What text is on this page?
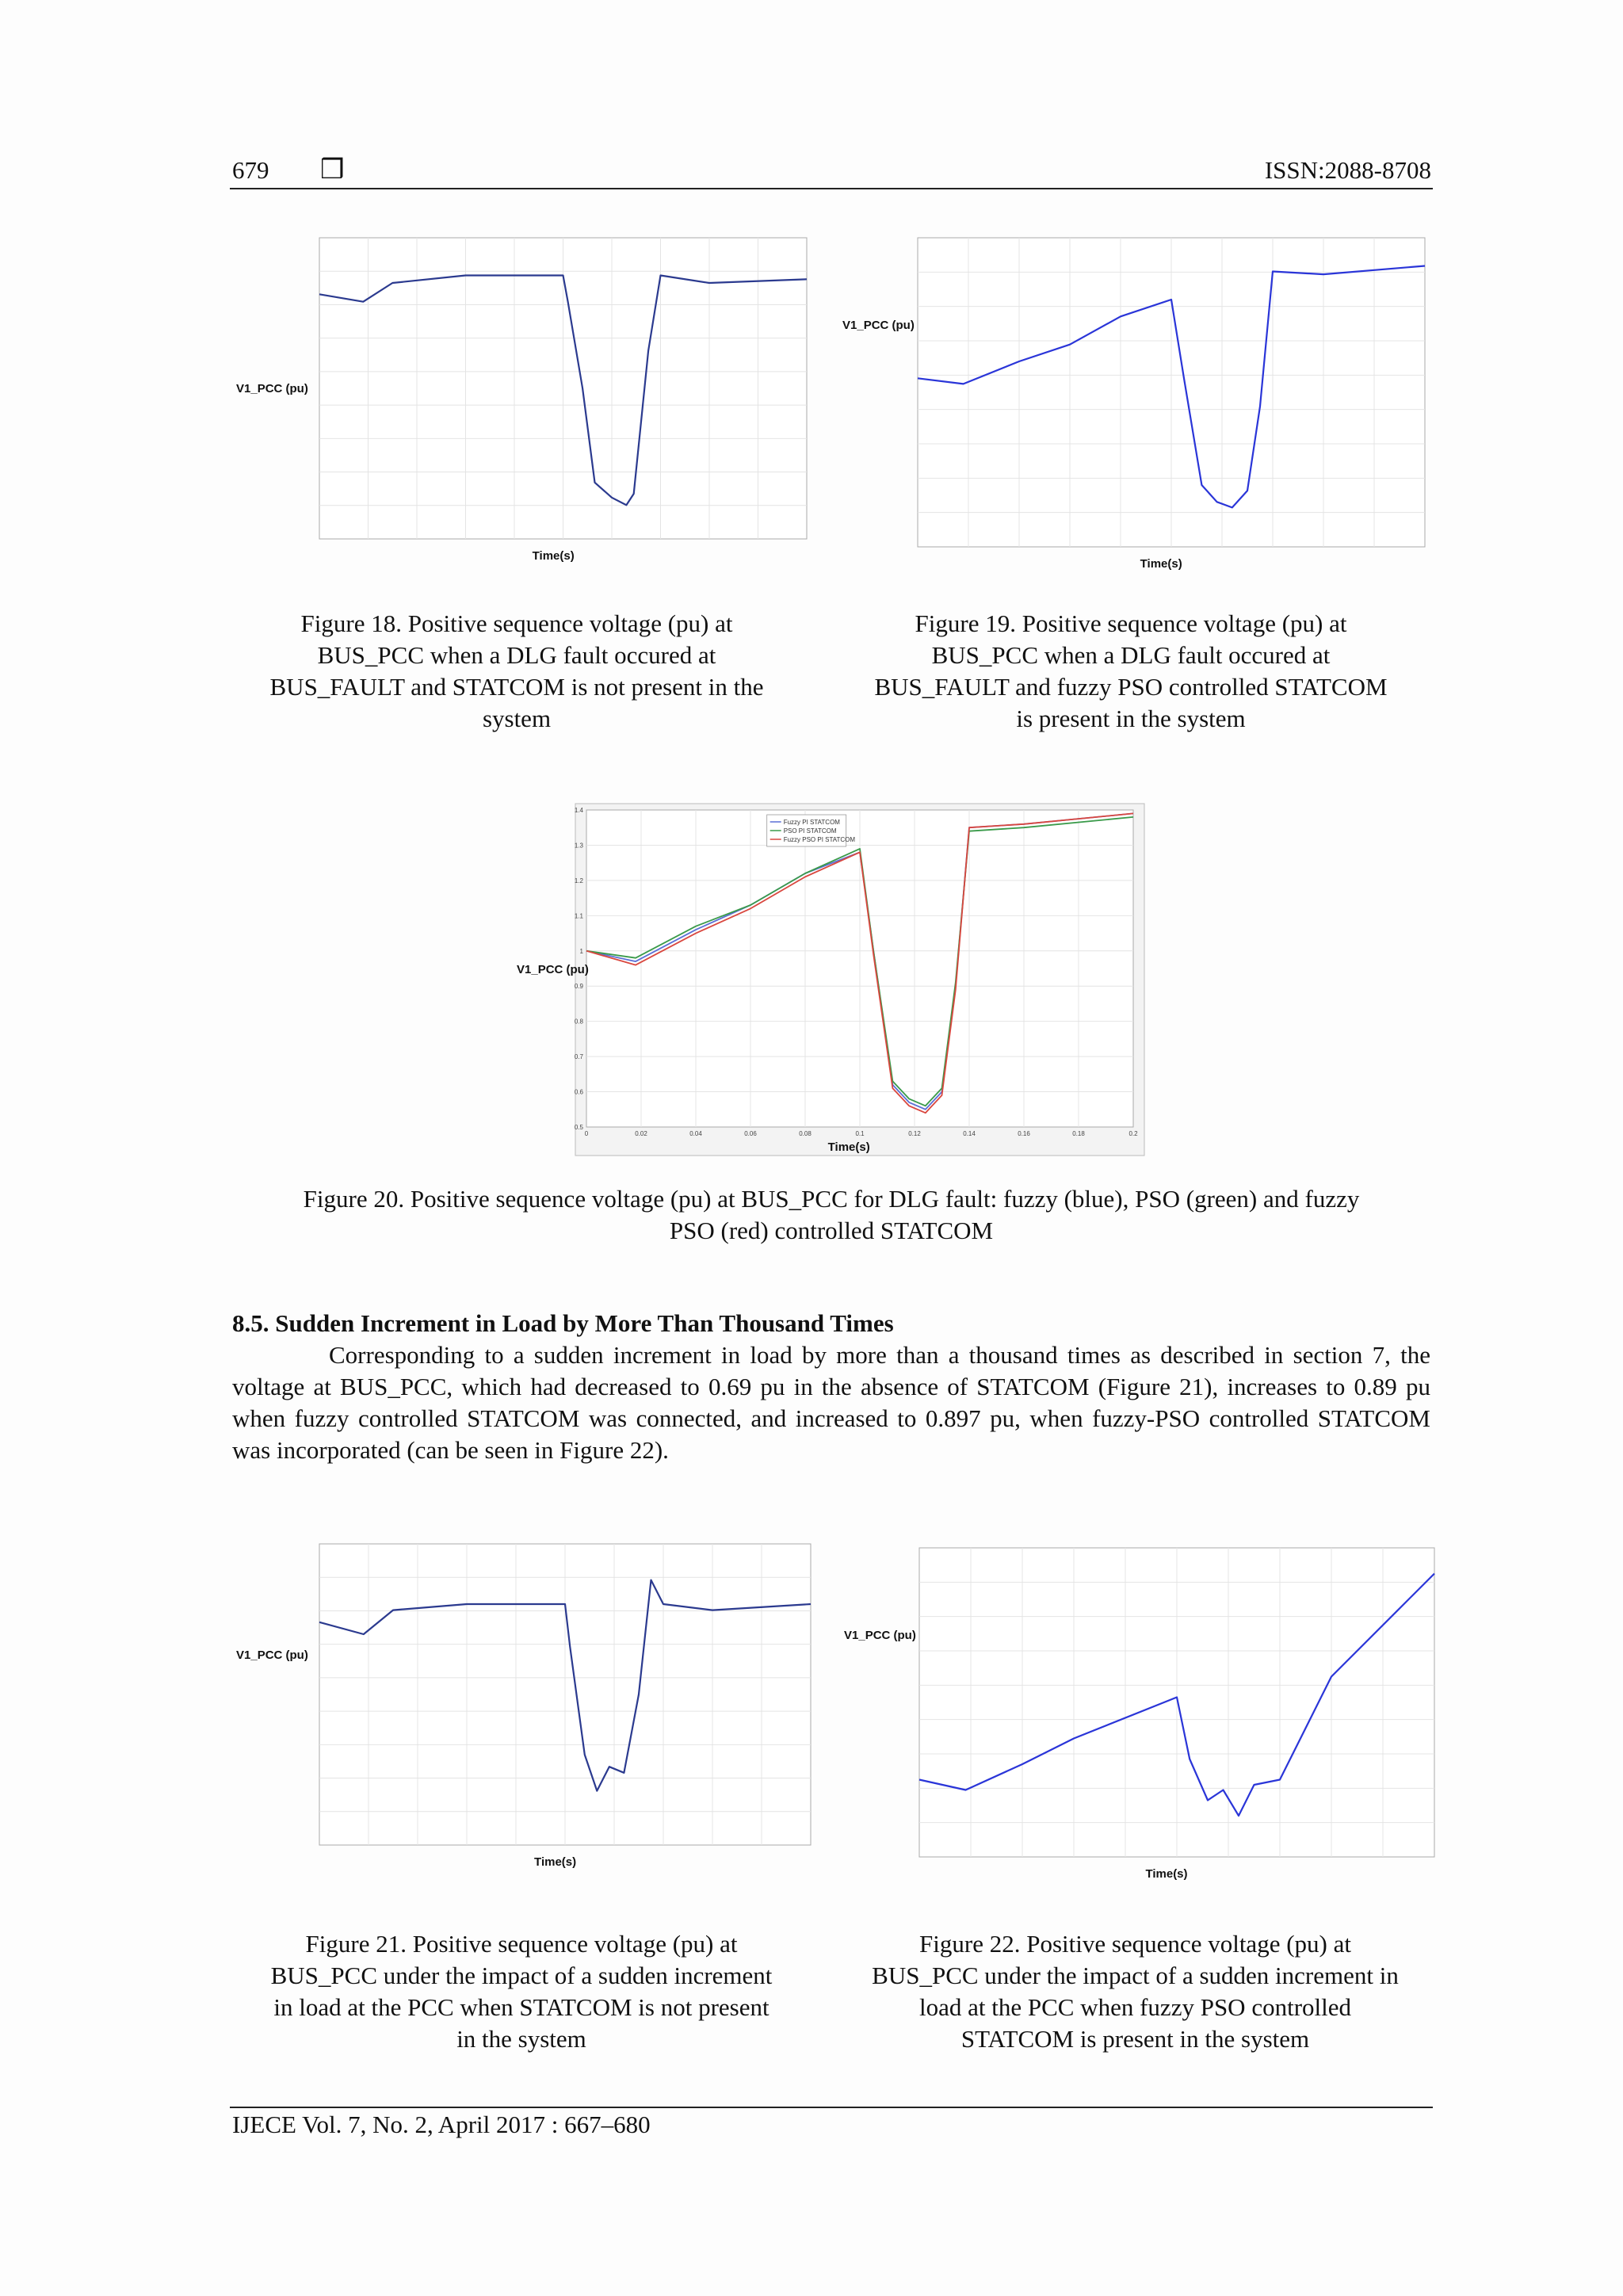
679 ❒	ISSN:2088-8708
V1_PCC (pu)
Time(s)
Figure 18. Positive sequence voltage (pu) at
BUS_PCC when a DLG fault occured at
BUS_FAULT and STATCOM is not present in the
system
V1_PCC (pu)
Time(s)
Figure 19. Positive sequence voltage (pu) at
BUS_PCC when a DLG fault occured at
BUS_FAULT and fuzzy PSO controlled STATCOM
is present in the system
1.4
1.3
1.2
1.1
1
0.9
0.8
0.7
0.6
0.5
0	0.02	0.04	0.06	0.08	0.1	0.12	0.14	0.16	0.18	0.2
V1_PCC (pu)
Time(s)
Fuzzy PI STATCOM
PSO PI STATCOM
Fuzzy PSO PI STATCOM
Figure 20. Positive sequence voltage (pu) at BUS_PCC for DLG fault: fuzzy (blue), PSO (green) and fuzzy
PSO (red) controlled STATCOM
8.5. Sudden Increment in Load by More Than Thousand Times
Corresponding to a sudden increment in load by more than a thousand times as described in section 7, the voltage at BUS_PCC, which had decreased to 0.69 pu in the absence of STATCOM (Figure 21), increases to 0.89 pu when fuzzy controlled STATCOM was connected, and increased to 0.897 pu, when fuzzy-PSO controlled STATCOM was incorporated (can be seen in Figure 22).
V1_PCC (pu)
Time(s)
Figure 21. Positive sequence voltage (pu) at
BUS_PCC under the impact of a sudden increment
in load at the PCC when STATCOM is not present
in the system
V1_PCC (pu)
Time(s)
Figure 22. Positive sequence voltage (pu) at
BUS_PCC under the impact of a sudden increment in
load at the PCC when fuzzy PSO controlled
STATCOM is present in the system
IJECE Vol. 7, No. 2, April 2017 : 667–680
